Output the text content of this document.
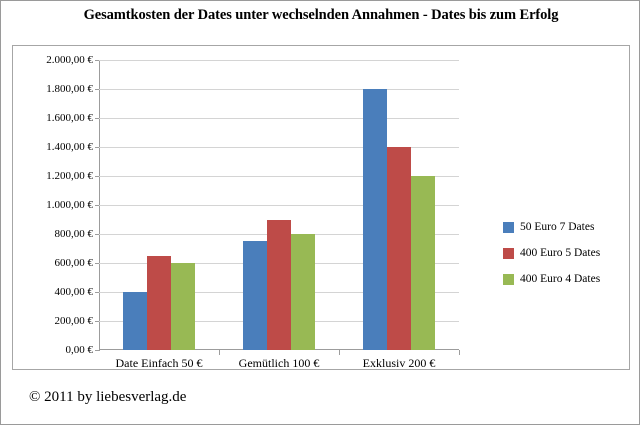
Gesamtkosten der Dates unter wechselnden Annahmen - Dates bis zum Erfolg
0,00 €
200,00 €
400,00 €
600,00 €
800,00 €
1.000,00 €
1.200,00 €
1.400,00 €
1.600,00 €
1.800,00 €
2.000,00 €
Date Einfach 50 €	Gemütlich 100 €	Exklusiv 200 €
50 Euro 7 Dates
400 Euro 5 Dates
400 Euro 4 Dates
© 2011 by liebesverlag.de
